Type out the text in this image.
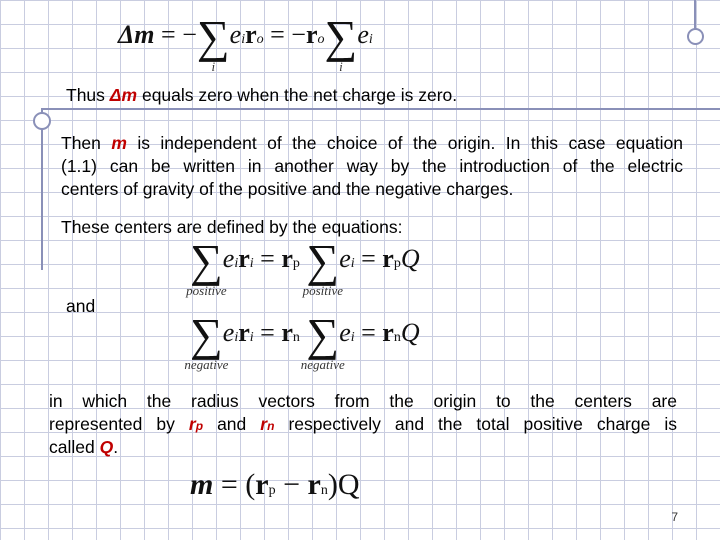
Δm = −∑
i
eiro = −ro∑
i
ei
Thus Δm equals zero when the net charge is zero.
Then m is independent of the choice of the origin. In this case equation
(1.1) can be written in another way by the introduction of the electric
centers of gravity of the positive and the negative charges.
These centers are defined by the equations:
∑
positive
eiri = rp ∑
positive
ei = rpQ
and
∑
negative
eiri = rn ∑
negative
ei = rnQ
in which the radius vectors from the origin to the centers are
represented by rp and rn respectively and the total positive charge is
called Q.
m = (rp − rn)Q
7
